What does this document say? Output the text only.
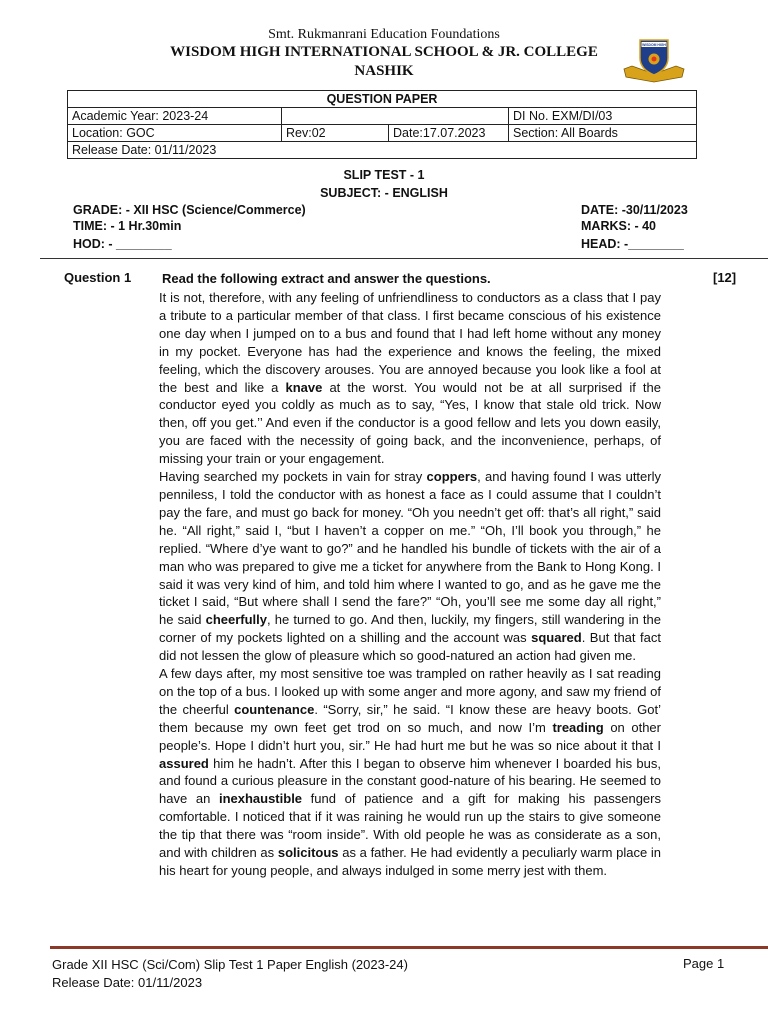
Smt. Rukmanrani Education Foundations
WISDOM HIGH INTERNATIONAL SCHOOL & JR. COLLEGE
NASHIK
WISDOM HIGH
QUESTION PAPER			
Academic Year: 2023-24			DI No. EXM/DI/03
Location: GOC	Rev:02	Date:17.07.2023	Section: All Boards
Release Date: 01/11/2023			
SLIP TEST - 1
SUBJECT: - ENGLISH
GRADE: - XII HSC (Science/Commerce)
TIME: - 1 Hr.30min
HOD: - ________
DATE: -30/11/2023
MARKS: - 40
HEAD: -________
Question 1 Read the following extract and answer the questions.	[12]

It is not, therefore, with any feeling of unfriendliness to conductors as a class that I pay a tribute to a particular member of that class. I first became conscious of his existence one day when I jumped on to a bus and found that I had left home without any money in my pocket. Everyone has had the experience and knows the feeling, the mixed feeling, which the discovery arouses. You are annoyed because you look like a fool at the best and like a knave at the worst. You would not be at all surprised if the conductor eyed you coldly as much as to say, “Yes, I know that stale old trick. Now then, off you get.’’ And even if the conductor is a good fellow and lets you down easily, you are faced with the necessity of going back, and the inconvenience, perhaps, of missing your train or your engagement.

Having searched my pockets in vain for stray coppers, and having found I was utterly penniless, I told the conductor with as honest a face as I could assume that I couldn’t pay the fare, and must go back for money. “Oh you needn’t get off: that’s all right,” said he. “All right,” said I, “but I haven’t a copper on me.” “Oh, I’ll book you through,” he replied. “Where d’ye want to go?” and he handled his bundle of tickets with the air of a man who was prepared to give me a ticket for anywhere from the Bank to Hong Kong. I said it was very kind of him, and told him where I wanted to go, and as he gave me the ticket I said, “But where shall I send the fare?” “Oh, you’ll see me some day all right,” he said cheerfully, he turned to go. And then, luckily, my fingers, still wandering in the corner of my pockets lighted on a shilling and the account was squared. But that fact did not lessen the glow of pleasure which so good-natured an action had given me.

A few days after, my most sensitive toe was trampled on rather heavily as I sat reading on the top of a bus. I looked up with some anger and more agony, and saw my friend of the cheerful countenance. “Sorry, sir,” he said. “I know these are heavy boots. Got’ them because my own feet get trod on so much, and now I’m treading on other people’s. Hope I didn’t hurt you, sir.” He had hurt me but he was so nice about it that I assured him he hadn’t. After this I began to observe him whenever I boarded his bus, and found a curious pleasure in the constant good-nature of his bearing. He seemed to have an inexhaustible fund of patience and a gift for making his passengers comfortable. I noticed that if it was raining he would run up the stairs to give someone the tip that there was “room inside”. With old people he was as considerate as a son, and with children as solicitous as a father. He had evidently a peculiarly warm place in his heart for young people, and always indulged in some merry jest with them.

Grade XII HSC (Sci/Com) Slip Test 1 Paper English (2023-24)
Release Date: 01/11/2023
Page 1
